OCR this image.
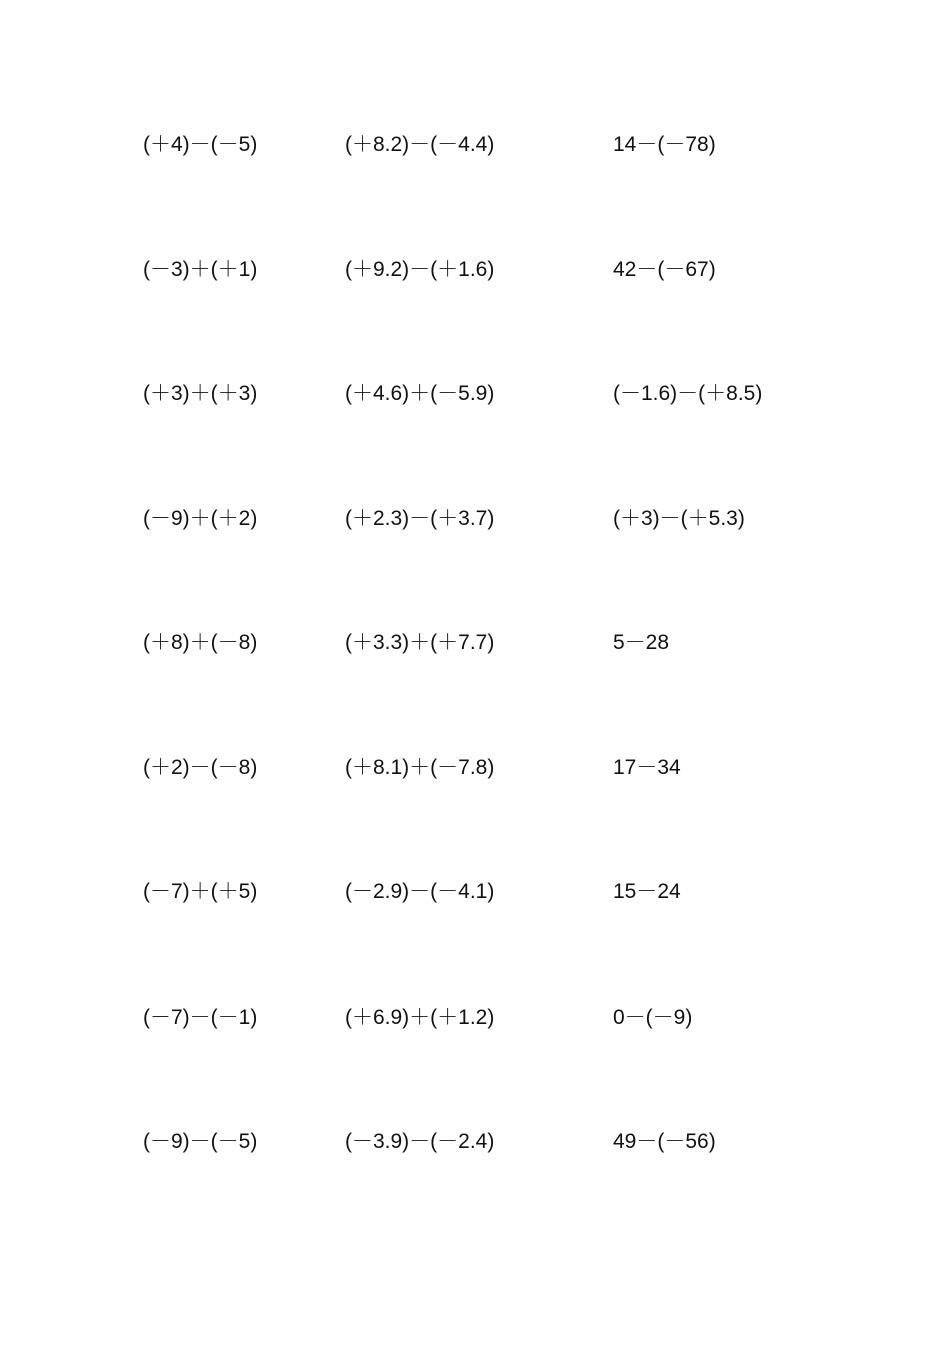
(＋4)－(－5)	(＋8.2)－(－4.4)	14－(－78)
(－3)＋(＋1)	(＋9.2)－(＋1.6)	42－(－67)
(＋3)＋(＋3)	(＋4.6)＋(－5.9)	(－1.6)－(＋8.5)
(－9)＋(＋2)	(＋2.3)－(＋3.7)	(＋3)－(＋5.3)
(＋8)＋(－8)	(＋3.3)＋(＋7.7)	5－28
(＋2)－(－8)	(＋8.1)＋(－7.8)	17－34
(－7)＋(＋5)	(－2.9)－(－4.1)	15－24
(－7)－(－1)	(＋6.9)＋(＋1.2)	0－(－9)
(－9)－(－5)	(－3.9)－(－2.4)	49－(－56)
